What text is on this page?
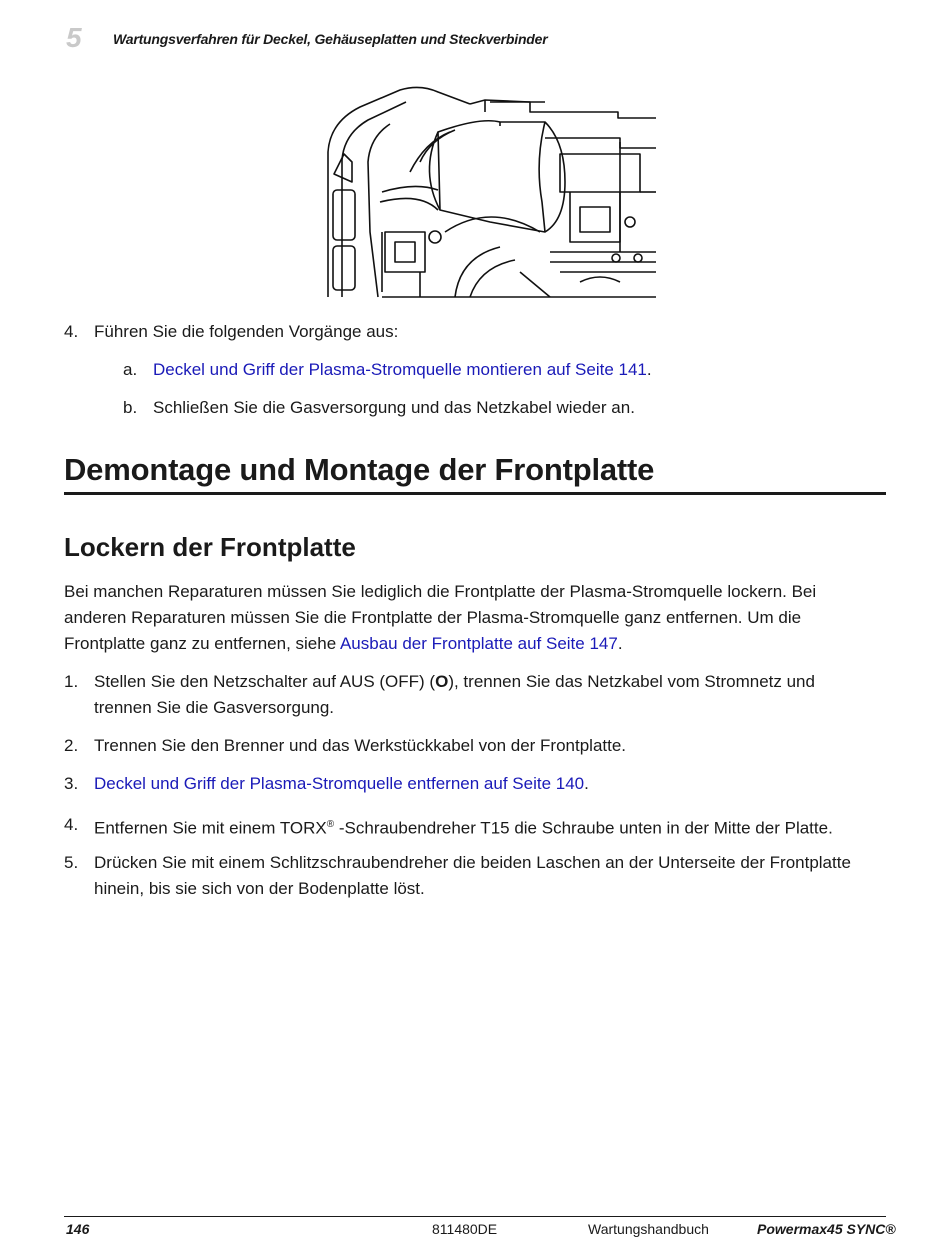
5 Wartungsverfahren für Deckel, Gehäuseplatten und Steckverbinder
4. Führen Sie die folgenden Vorgänge aus:
a. Deckel und Griff der Plasma-Stromquelle montieren auf Seite 141.
b. Schließen Sie die Gasversorgung und das Netzkabel wieder an.
Demontage und Montage der Frontplatte
Lockern der Frontplatte
Bei manchen Reparaturen müssen Sie lediglich die Frontplatte der Plasma-Stromquelle lockern. Bei
anderen Reparaturen müssen Sie die Frontplatte der Plasma-Stromquelle ganz entfernen. Um die
Frontplatte ganz zu entfernen, siehe Ausbau der Frontplatte auf Seite 147.
1. Stellen Sie den Netzschalter auf AUS (OFF) (O), trennen Sie das Netzkabel vom Stromnetz und
trennen Sie die Gasversorgung.
2. Trennen Sie den Brenner und das Werkstückkabel von der Frontplatte.
3. Deckel und Griff der Plasma-Stromquelle entfernen auf Seite 140.
4. Entfernen Sie mit einem TORX® -Schraubendreher T15 die Schraube unten in der Mitte der Platte.
5. Drücken Sie mit einem Schlitzschraubendreher die beiden Laschen an der Unterseite der Frontplatte
hinein, bis sie sich von der Bodenplatte löst.
146	811480DE	Wartungshandbuch	Powermax45 SYNC®
